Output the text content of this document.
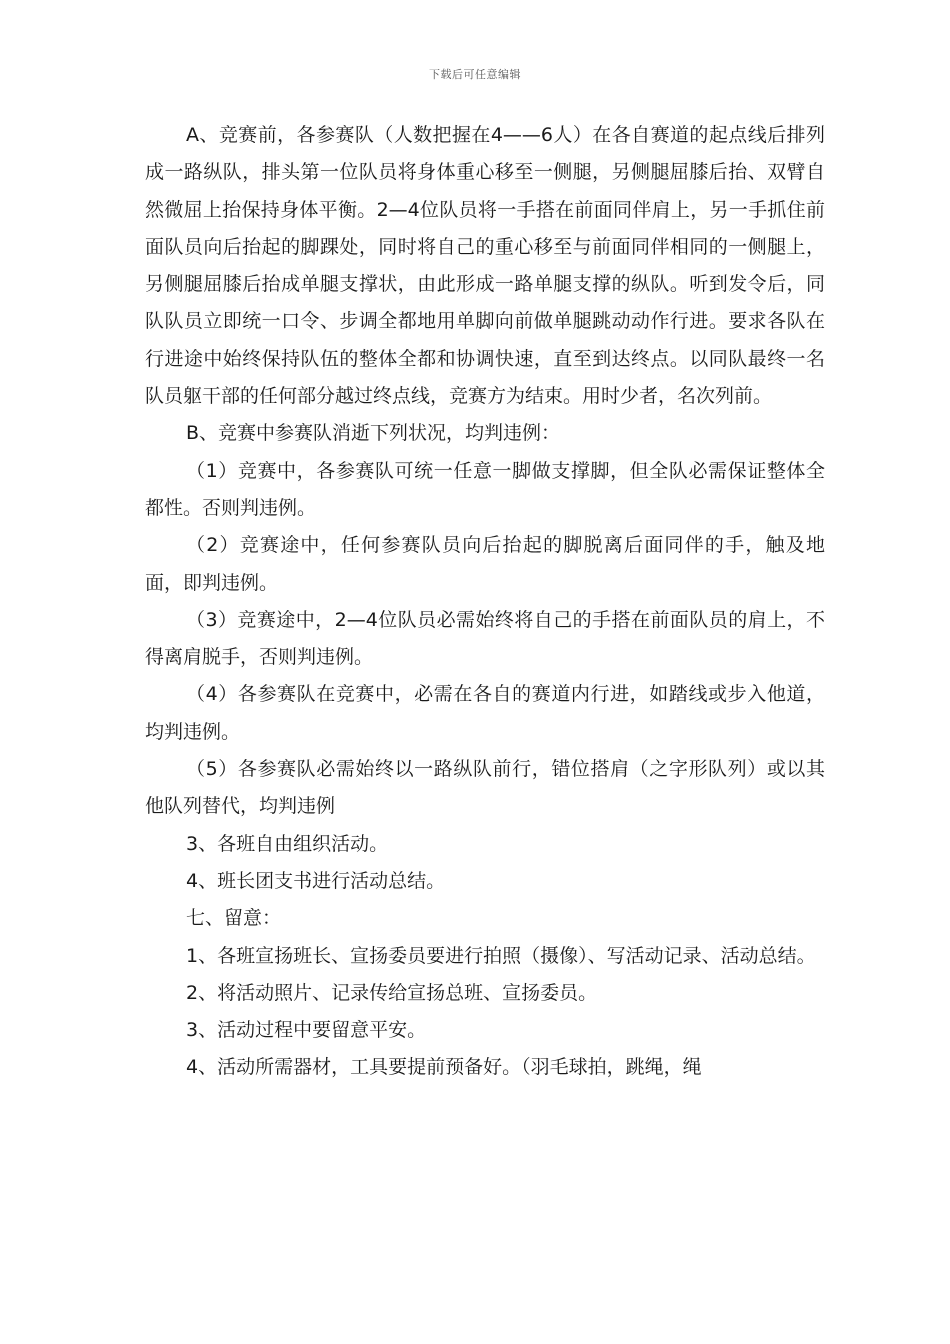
下载后可任意编辑

A、竞赛前，各参赛队（人数把握在4——6人）在各自赛道的起点线后排列成一路纵队，排头第一位队员将身体重心移至一侧腿，另侧腿屈膝后抬、双臂自然微屈上抬保持身体平衡。2—4位队员将一手搭在前面同伴肩上，另一手抓住前面队员向后抬起的脚踝处，同时将自己的重心移至与前面同伴相同的一侧腿上，另侧腿屈膝后抬成单腿支撑状，由此形成一路单腿支撑的纵队。听到发令后，同队队员立即统一口令、步调全都地用单脚向前做单腿跳动动作行进。要求各队在行进途中始终保持队伍的整体全都和协调快速，直至到达终点。以同队最终一名队员躯干部的任何部分越过终点线，竞赛方为结束。用时少者，名次列前。

B、竞赛中参赛队消逝下列状况，均判违例：

（1）竞赛中，各参赛队可统一任意一脚做支撑脚，但全队必需保证整体全都性。否则判违例。

（2）竞赛途中，任何参赛队员向后抬起的脚脱离后面同伴的手，触及地面，即判违例。

（3）竞赛途中，2—4位队员必需始终将自己的手搭在前面队员的肩上，不得离肩脱手，否则判违例。

（4）各参赛队在竞赛中，必需在各自的赛道内行进，如踏线或步入他道，均判违例。

（5）各参赛队必需始终以一路纵队前行，错位搭肩（之字形队列）或以其他队列替代，均判违例

3、各班自由组织活动。

4、班长团支书进行活动总结。

七、留意：

1、各班宣扬班长、宣扬委员要进行拍照（摄像）、写活动记录、活动总结。

2、将活动照片、记录传给宣扬总班、宣扬委员。

3、活动过程中要留意平安。

4、活动所需器材，工具要提前预备好。（羽毛球拍，跳绳，绳
